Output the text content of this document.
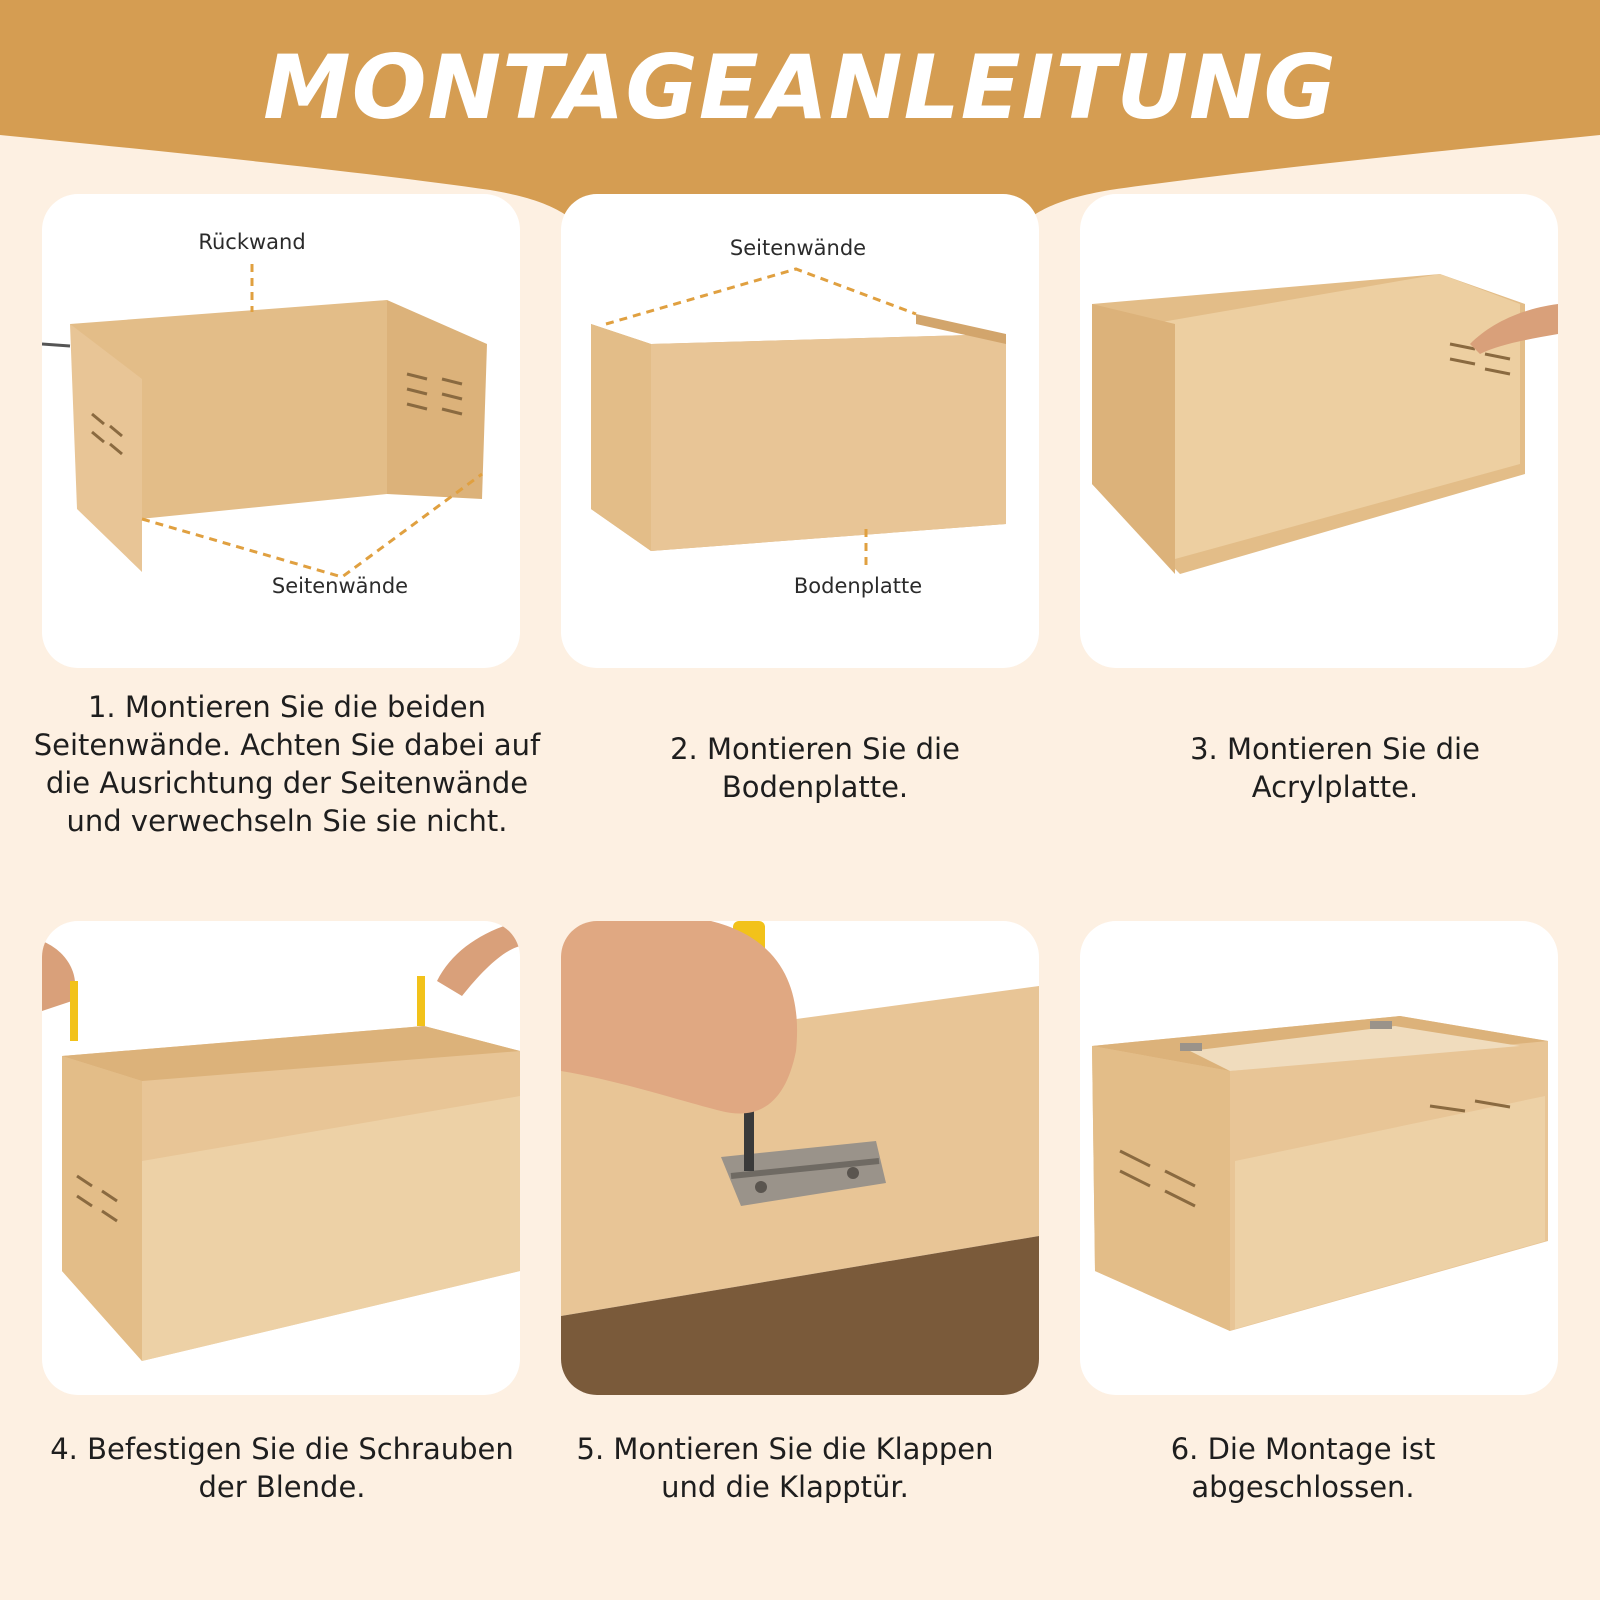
MONTAGEANLEITUNG
Rückwand
Seitenwände
Seitenwände
Bodenplatte
1. Montieren Sie die beiden Seitenwände. Achten Sie dabei auf die Ausrichtung der Seitenwände und verwechseln Sie sie nicht.
2. Montieren Sie die Bodenplatte.
3. Montieren Sie die Acrylplatte.
4. Befestigen Sie die Schrauben der Blende.
5. Montieren Sie die Klappen und die Klapptür.
6. Die Montage ist abgeschlossen.
